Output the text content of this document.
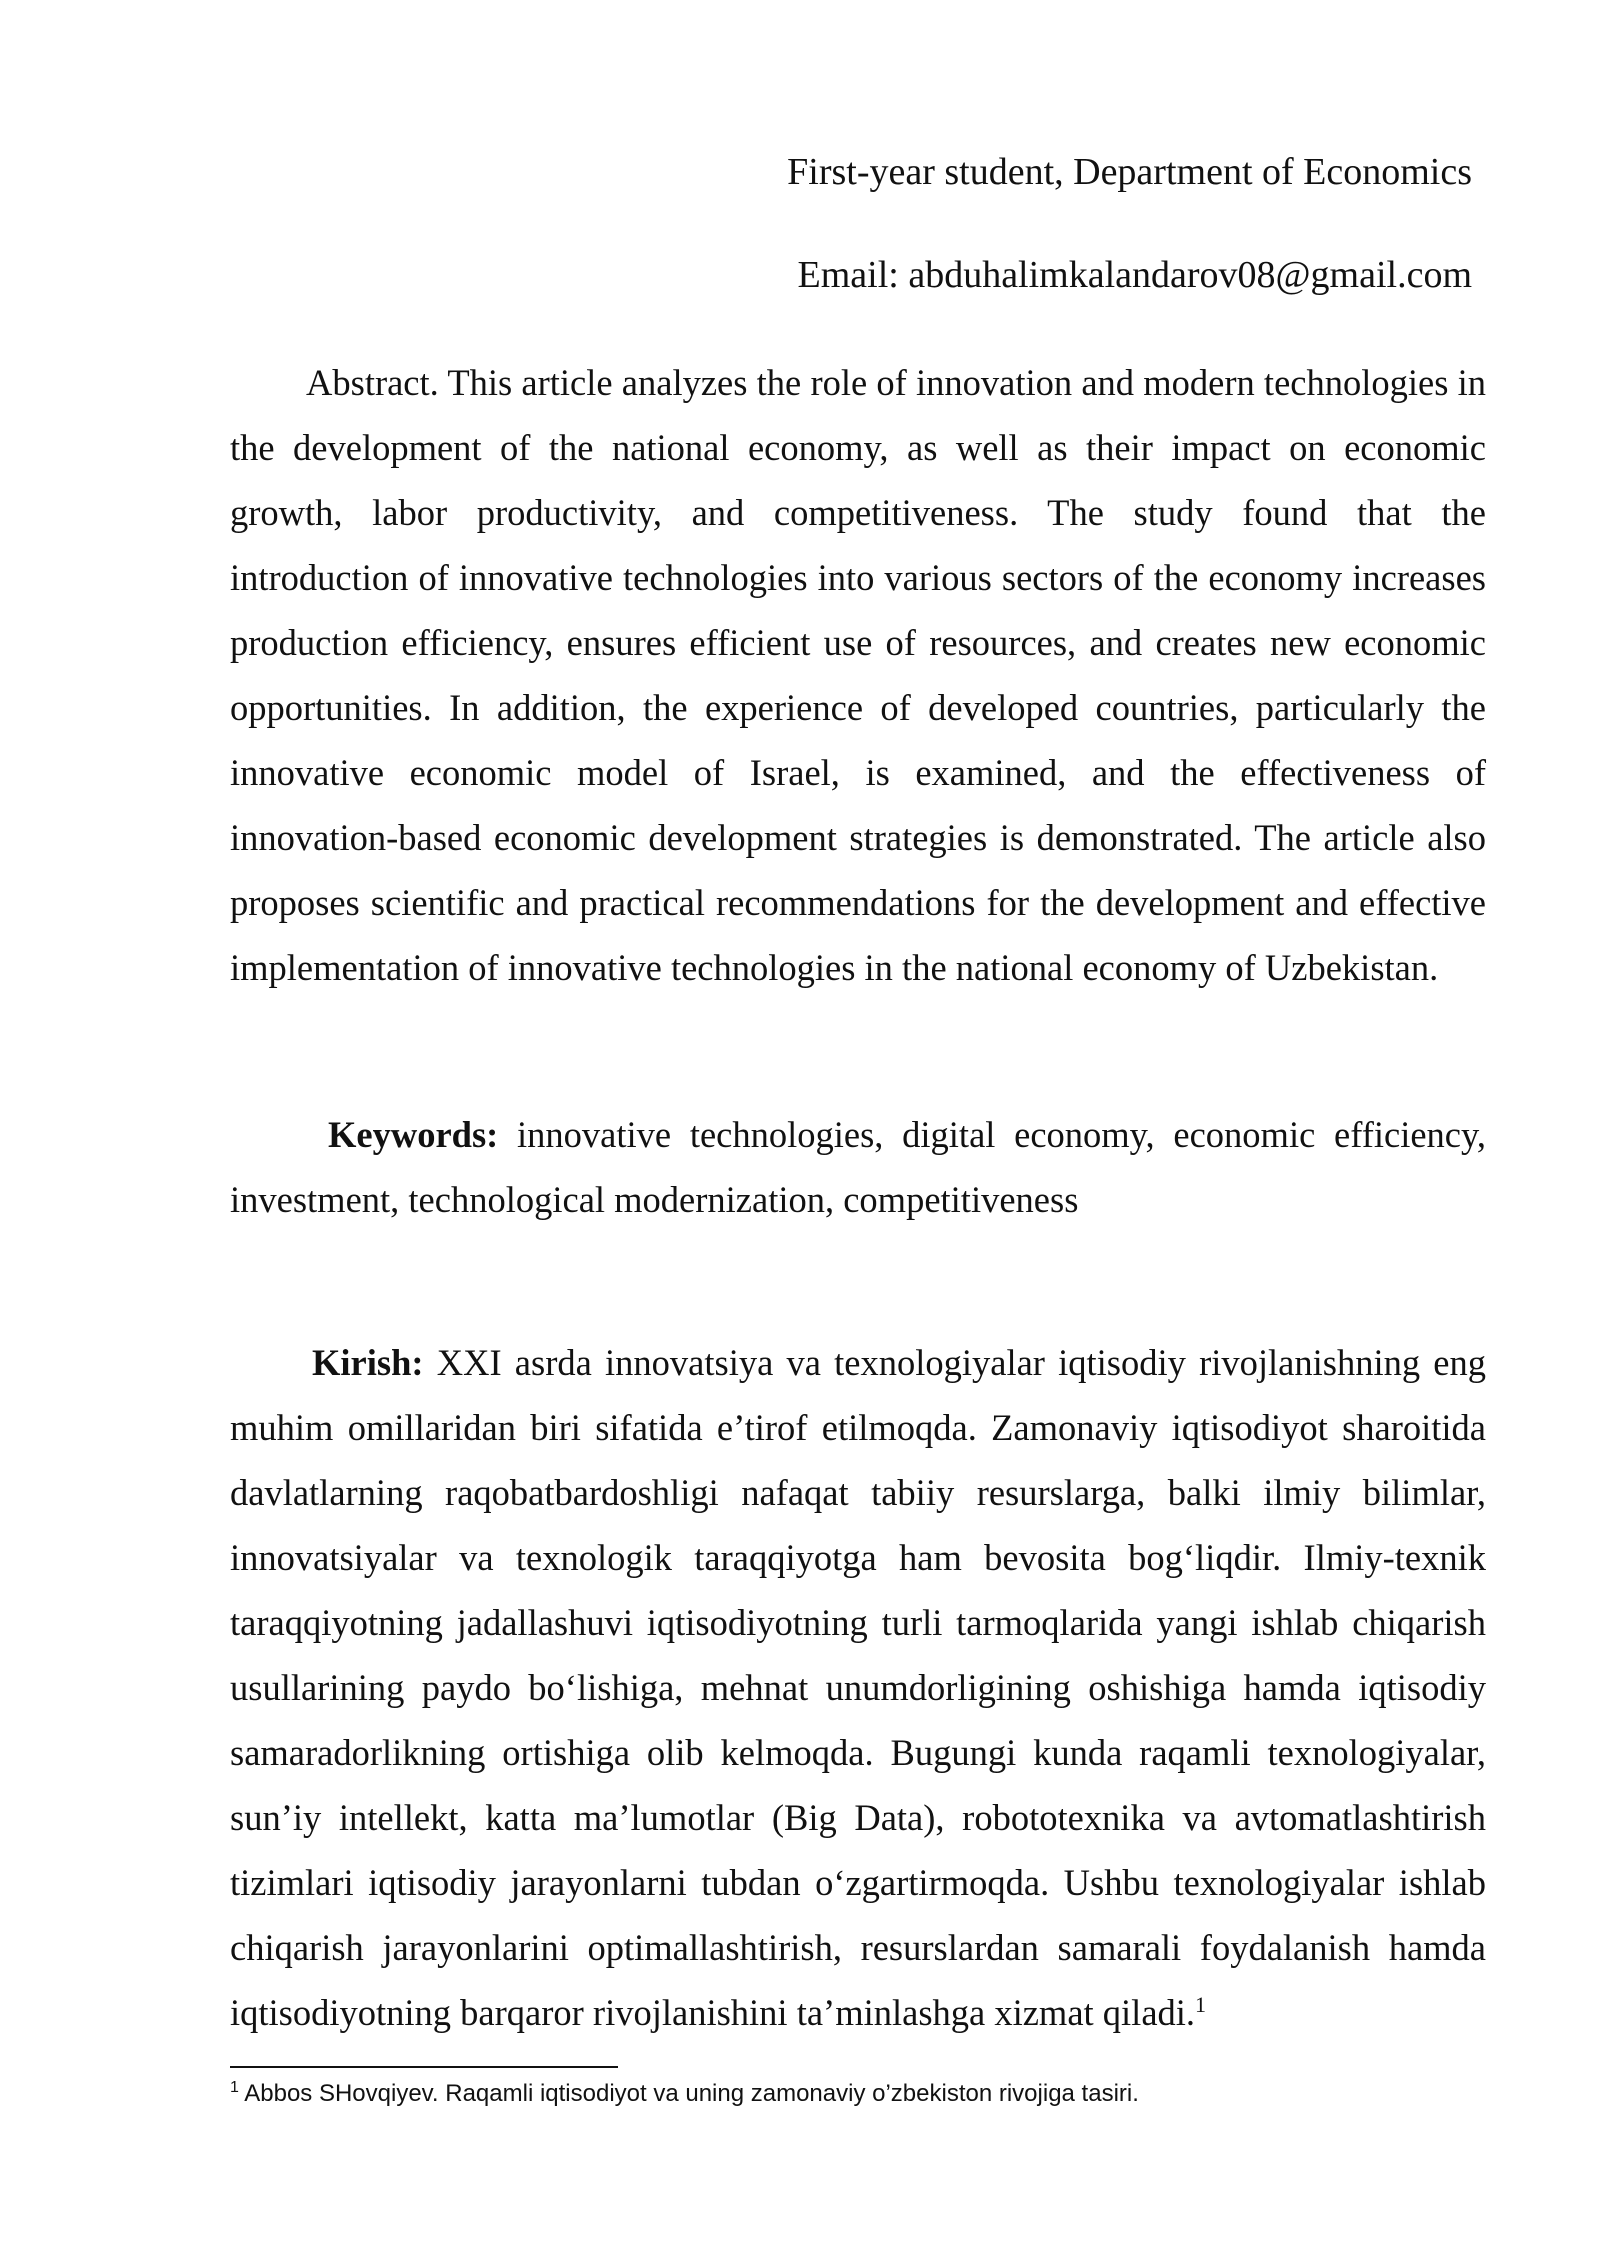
First-year student, Department of Economics

Email: abduhalimkalandarov08@gmail.com

Abstract. This article analyzes the role of innovation and modern technologies in the development of the national economy, as well as their impact on economic growth, labor productivity, and competitiveness. The study found that the introduction of innovative technologies into various sectors of the economy increases production efficiency, ensures efficient use of resources, and creates new economic opportunities. In addition, the experience of developed countries, particularly the innovative economic model of Israel, is examined, and the effectiveness of innovation-based economic development strategies is demonstrated. The article also proposes scientific and practical recommendations for the development and effective implementation of innovative technologies in the national economy of Uzbekistan.

Keywords: innovative technologies, digital economy, economic efficiency, investment, technological modernization, competitiveness

Kirish: XXI asrda innovatsiya va texnologiyalar iqtisodiy rivojlanishning eng muhim omillaridan biri sifatida e’tirof etilmoqda. Zamonaviy iqtisodiyot sharoitida davlatlarning raqobatbardoshligi nafaqat tabiiy resurslarga, balki ilmiy bilimlar, innovatsiyalar va texnologik taraqqiyotga ham bevosita bog‘liqdir. Ilmiy-texnik taraqqiyotning jadallashuvi iqtisodiyotning turli tarmoqlarida yangi ishlab chiqarish usullarining paydo bo‘lishiga, mehnat unumdorligining oshishiga hamda iqtisodiy samaradorlikning ortishiga olib kelmoqda. Bugungi kunda raqamli texnologiyalar, sun’iy intellekt, katta ma’lumotlar (Big Data), robototexnika va avtomatlashtirish tizimlari iqtisodiy jarayonlarni tubdan o‘zgartirmoqda. Ushbu texnologiyalar ishlab chiqarish jarayonlarini optimallashtirish, resurslardan samarali foydalanish hamda iqtisodiyotning barqaror rivojlanishini ta’minlashga xizmat qiladi.$^1$

$^1$ Abbos SHovqiyev. Raqamli iqtisodiyot va uning zamonaviy o’zbekiston rivojiga tasiri.
